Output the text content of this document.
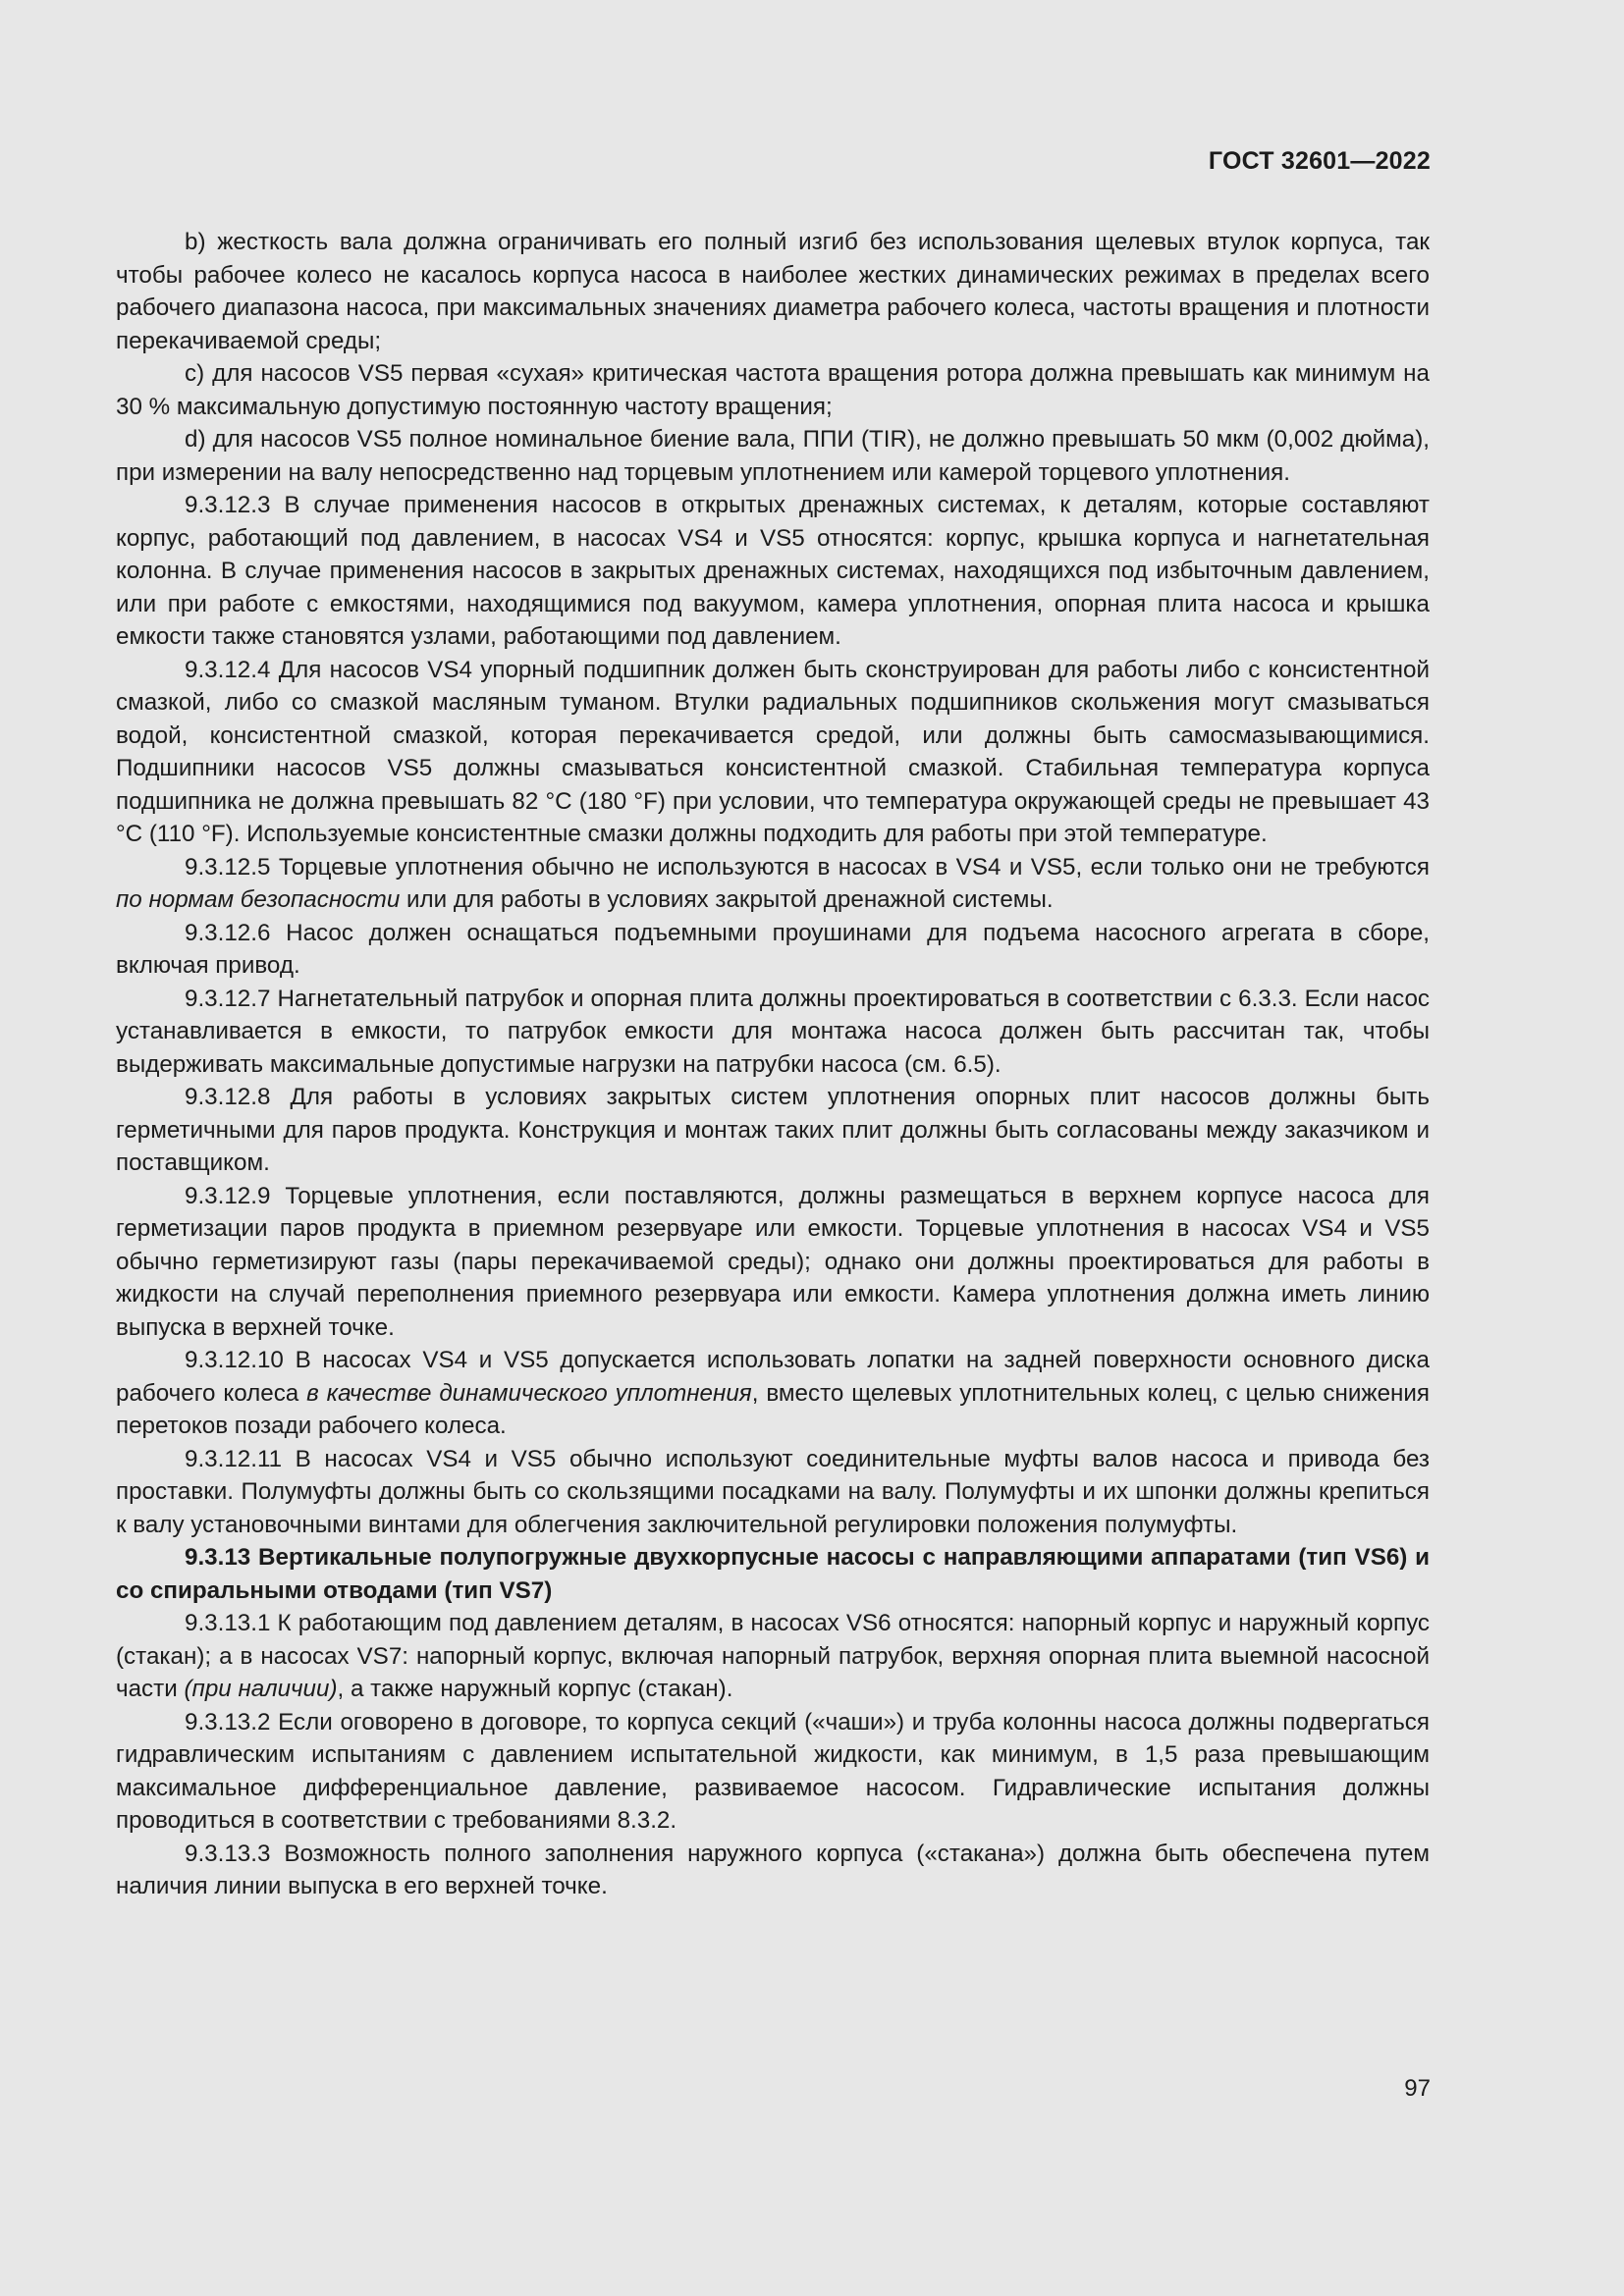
ГОСТ 32601—2022

b) жесткость вала должна ограничивать его полный изгиб без использования щелевых втулок корпуса, так чтобы рабочее колесо не касалось корпуса насоса в наиболее жестких динамических режимах в пределах всего рабочего диапазона насоса, при максимальных значениях диаметра рабочего колеса, частоты вращения и плотности перекачиваемой среды;

c) для насосов VS5 первая «сухая» критическая частота вращения ротора должна превышать как минимум на 30 % максимальную допустимую постоянную частоту вращения;

d) для насосов VS5 полное номинальное биение вала, ППИ (TIR), не должно превышать 50 мкм (0,002 дюйма), при измерении на валу непосредственно над торцевым уплотнением или камерой торцевого уплотнения.

9.3.12.3 В случае применения насосов в открытых дренажных системах, к деталям, которые составляют корпус, работающий под давлением, в насосах VS4 и VS5 относятся: корпус, крышка корпуса и нагнетательная колонна. В случае применения насосов в закрытых дренажных системах, находящихся под избыточным давлением, или при работе с емкостями, находящимися под вакуумом, камера уплотнения, опорная плита насоса и крышка емкости также становятся узлами, работающими под давлением.

9.3.12.4 Для насосов VS4 упорный подшипник должен быть сконструирован для работы либо с консистентной смазкой, либо со смазкой масляным туманом. Втулки радиальных подшипников скольжения могут смазываться водой, консистентной смазкой, которая перекачивается средой, или должны быть самосмазывающимися. Подшипники насосов VS5 должны смазываться консистентной смазкой. Стабильная температура корпуса подшипника не должна превышать 82 °C (180 °F) при условии, что температура окружающей среды не превышает 43 °C (110 °F). Используемые консистентные смазки должны подходить для работы при этой температуре.

9.3.12.5 Торцевые уплотнения обычно не используются в насосах в VS4 и VS5, если только они не требуются по нормам безопасности или для работы в условиях закрытой дренажной системы.

9.3.12.6 Насос должен оснащаться подъемными проушинами для подъема насосного агрегата в сборе, включая привод.

9.3.12.7 Нагнетательный патрубок и опорная плита должны проектироваться в соответствии с 6.3.3. Если насос устанавливается в емкости, то патрубок емкости для монтажа насоса должен быть рассчитан так, чтобы выдерживать максимальные допустимые нагрузки на патрубки насоса (см. 6.5).

9.3.12.8 Для работы в условиях закрытых систем уплотнения опорных плит насосов должны быть герметичными для паров продукта. Конструкция и монтаж таких плит должны быть согласованы между заказчиком и поставщиком.

9.3.12.9 Торцевые уплотнения, если поставляются, должны размещаться в верхнем корпусе насоса для герметизации паров продукта в приемном резервуаре или емкости. Торцевые уплотнения в насосах VS4 и VS5 обычно герметизируют газы (пары перекачиваемой среды); однако они должны проектироваться для работы в жидкости на случай переполнения приемного резервуара или емкости. Камера уплотнения должна иметь линию выпуска в верхней точке.

9.3.12.10 В насосах VS4 и VS5 допускается использовать лопатки на задней поверхности основного диска рабочего колеса в качестве динамического уплотнения, вместо щелевых уплотнительных колец, с целью снижения перетоков позади рабочего колеса.

9.3.12.11 В насосах VS4 и VS5 обычно используют соединительные муфты валов насоса и привода без проставки. Полумуфты должны быть со скользящими посадками на валу. Полумуфты и их шпонки должны крепиться к валу установочными винтами для облегчения заключительной регулировки положения полумуфты.

9.3.13 Вертикальные полупогружные двухкорпусные насосы с направляющими аппаратами (тип VS6) и со спиральными отводами (тип VS7)

9.3.13.1 К работающим под давлением деталям, в насосах VS6 относятся: напорный корпус и наружный корпус (стакан); а в насосах VS7: напорный корпус, включая напорный патрубок, верхняя опорная плита выемной насосной части (при наличии), а также наружный корпус (стакан).

9.3.13.2 Если оговорено в договоре, то корпуса секций («чаши») и труба колонны насоса должны подвергаться гидравлическим испытаниям с давлением испытательной жидкости, как минимум, в 1,5 раза превышающим максимальное дифференциальное давление, развиваемое насосом. Гидравлические испытания должны проводиться в соответствии с требованиями 8.3.2.

9.3.13.3 Возможность полного заполнения наружного корпуса («стакана») должна быть обеспечена путем наличия линии выпуска в его верхней точке.

97
